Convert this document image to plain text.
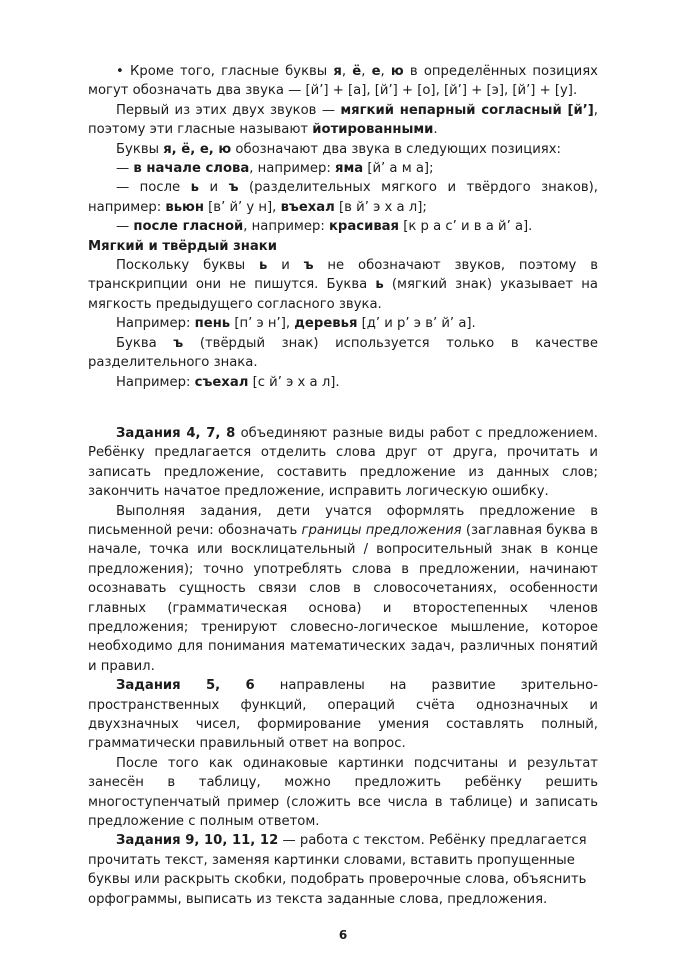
• Кроме того, гласные буквы я, ё, е, ю в определённых позициях могут обозначать два звука — [й’] + [а], [й’] + [о], [й’] + [э], [й’] + [у].

Первый из этих двух звуков — мягкий непарный согласный [й’], поэтому эти гласные называют йотированными.

Буквы я, ё, е, ю обозначают два звука в следующих позициях:

— в начале слова, например: яма [й’ а м а];

— после ь и ъ (разделительных мягкого и твёрдого знаков), например: вьюн [в’ й’ у н], въехал [в й’ э х а л];

— после гласной, например: красивая [к р а с’ и в а й’ а].

Мягкий и твёрдый знаки

Поскольку буквы ь и ъ не обозначают звуков, поэтому в транскрипции они не пишутся. Буква ь (мягкий знак) указывает на мягкость предыдущего согласного звука.

Например: пень [п’ э н’], деревья [д’ и р’ э в’ й’ а].

Буква ъ (твёрдый знак) используется только в качестве разделительного знака.

Например: съехал [с й’ э х а л].

Задания 4, 7, 8 объединяют разные виды работ с предложением. Ребёнку предлагается отделить слова друг от друга, прочитать и записать предложение, составить предложение из данных слов; закончить начатое предложение, исправить логическую ошибку.

Выполняя задания, дети учатся оформлять предложение в письменной речи: обозначать границы предложения (заглавная буква в начале, точка или восклицательный / вопросительный знак в конце предложения); точно употреблять слова в предложении, начинают осознавать сущность связи слов в словосочетаниях, особенности главных (грамматическая основа) и второстепенных членов предложения; тренируют словесно-логическое мышление, которое необходимо для понимания математических задач, различных понятий и правил.

Задания 5, 6 направлены на развитие зрительно-пространственных функций, операций счёта однозначных и двухзначных чисел, формирование умения составлять полный, грамматически правильный ответ на вопрос.

После того как одинаковые картинки подсчитаны и результат занесён в таблицу, можно предложить ребёнку решить многоступенчатый пример (сложить все числа в таблице) и записать предложение с полным ответом.

Задания 9, 10, 11, 12 — работа с текстом. Ребёнку предлагается прочитать текст, заменяя картинки словами, вставить пропущенные буквы или раскрыть скобки, подобрать проверочные слова, объяснить орфограммы, выписать из текста заданные слова, предложения.

6
